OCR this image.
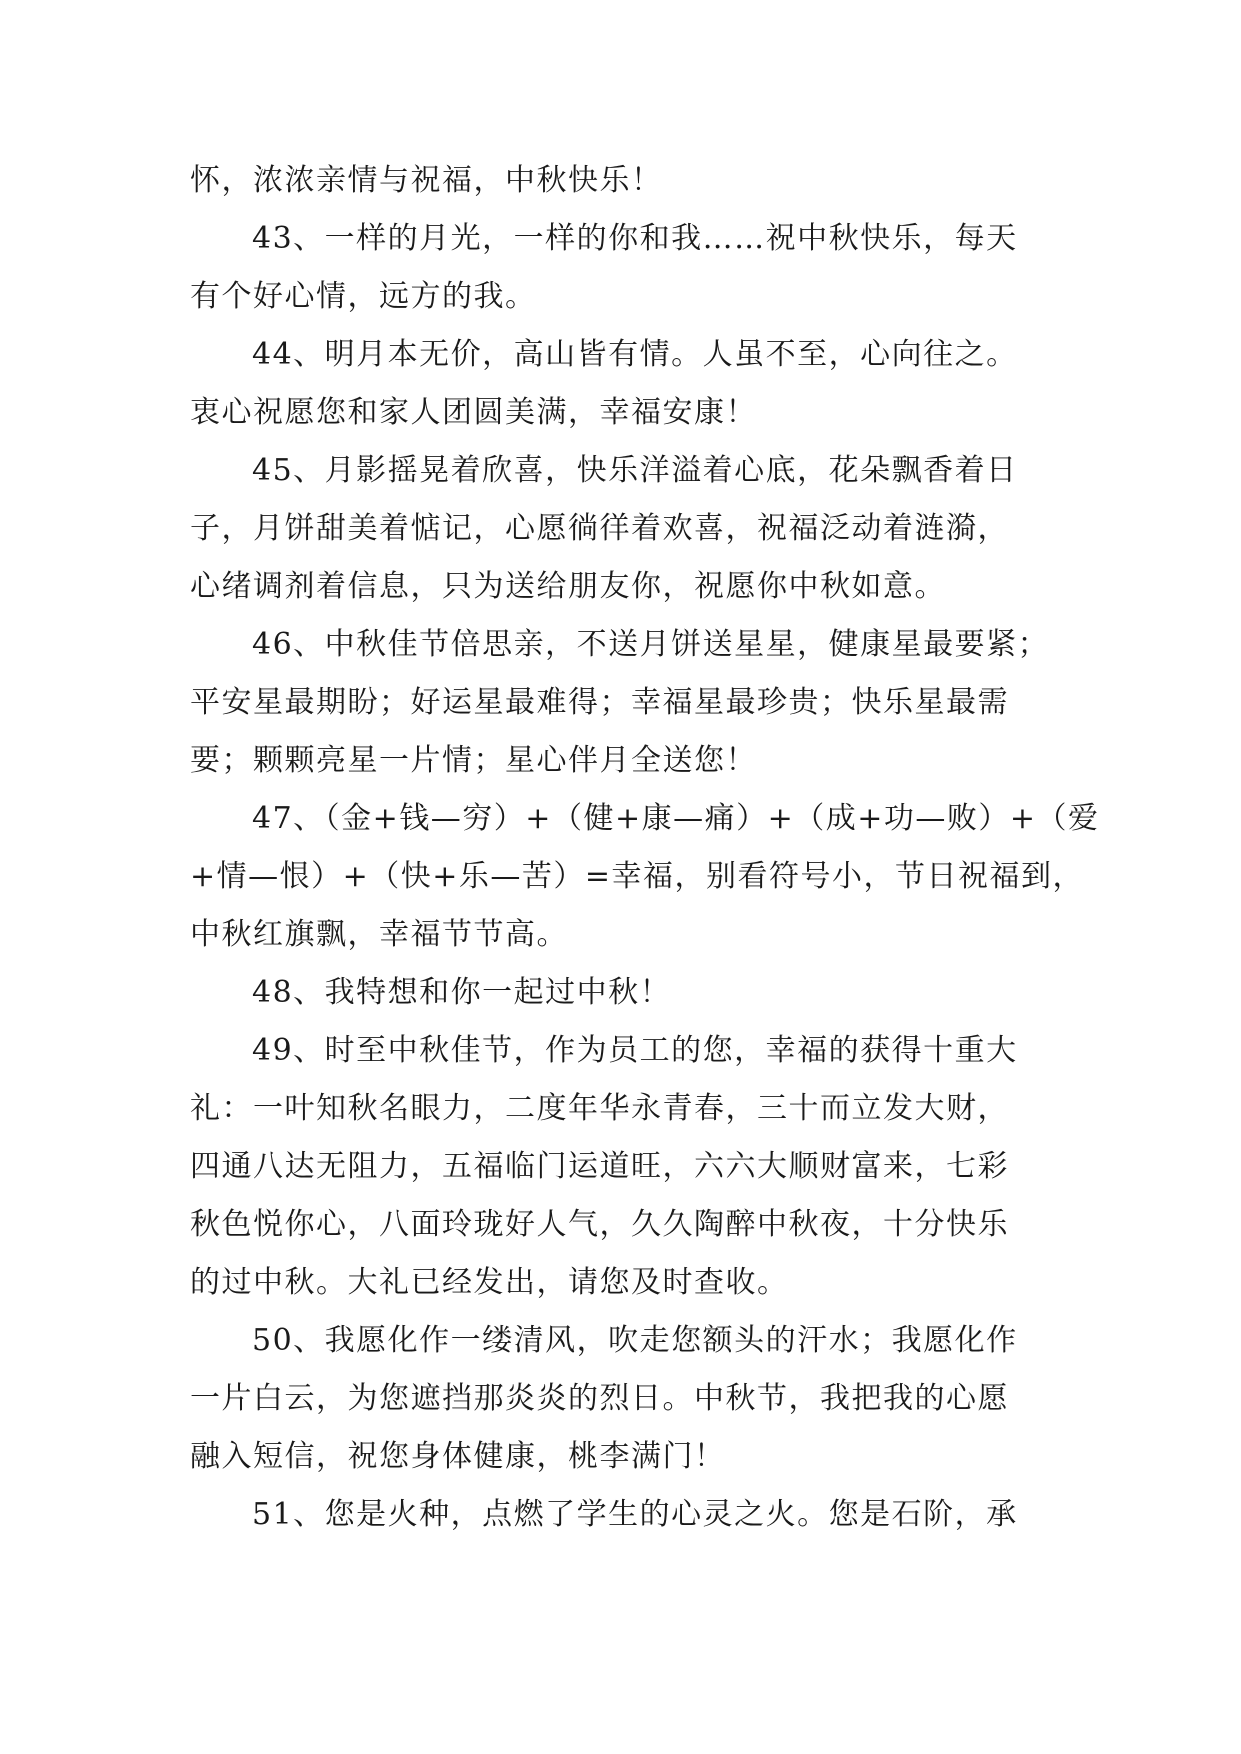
怀，浓浓亲情与祝福，中秋快乐！

43、一样的月光，一样的你和我……祝中秋快乐，每天

有个好心情，远方的我。

44、明月本无价，高山皆有情。人虽不至，心向往之。

衷心祝愿您和家人团圆美满，幸福安康！

45、月影摇晃着欣喜，快乐洋溢着心底，花朵飘香着日

子，月饼甜美着惦记，心愿徜徉着欢喜，祝福泛动着涟漪，

心绪调剂着信息，只为送给朋友你，祝愿你中秋如意。

46、中秋佳节倍思亲，不送月饼送星星，健康星最要紧；

平安星最期盼；好运星最难得；幸福星最珍贵；快乐星最需

要；颗颗亮星一片情；星心伴月全送您！

47、（金+钱—穷）+（健+康—痛）+（成+功—败）+（爱

+情—恨）+（快+乐—苦）=幸福，别看符号小，节日祝福到，

中秋红旗飘，幸福节节高。

48、我特想和你一起过中秋！

49、时至中秋佳节，作为员工的您，幸福的获得十重大

礼：一叶知秋名眼力，二度年华永青春，三十而立发大财，

四通八达无阻力，五福临门运道旺，六六大顺财富来，七彩

秋色悦你心，八面玲珑好人气，久久陶醉中秋夜，十分快乐

的过中秋。大礼已经发出，请您及时查收。

50、我愿化作一缕清风，吹走您额头的汗水；我愿化作

一片白云，为您遮挡那炎炎的烈日。中秋节，我把我的心愿

融入短信，祝您身体健康，桃李满门！

51、您是火种，点燃了学生的心灵之火。您是石阶，承
